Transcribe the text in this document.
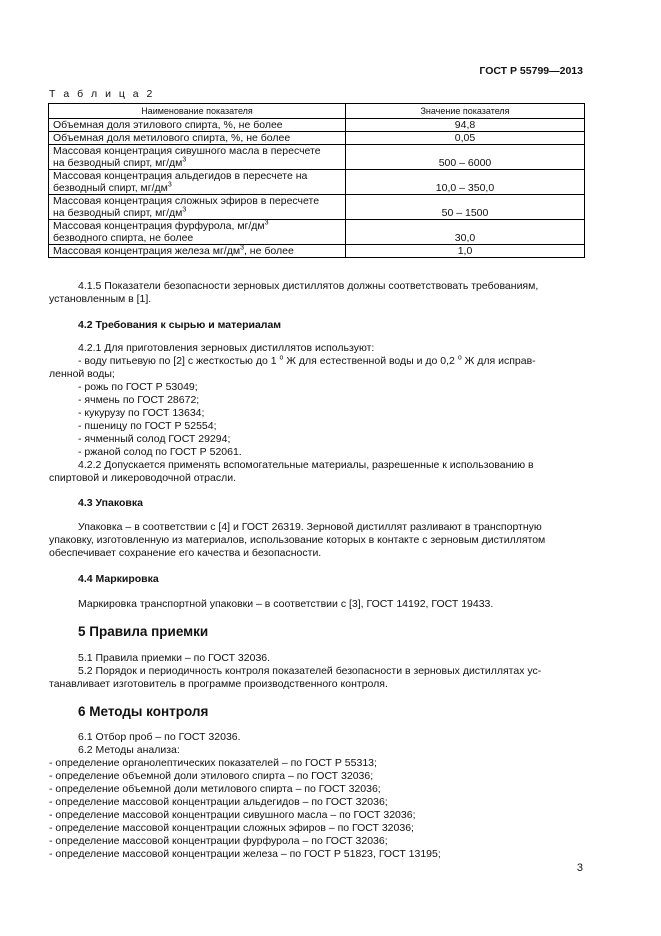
ГОСТ Р 55799—2013
Т а б л и ц а 2
Наименование показателя	Значение показателя
Объемная доля этилового спирта, %, не более	94,8
Объемная доля метилового спирта, %, не более	0,05
Массовая концентрация сивушного масла в пересчете
на безводный спирт, $мг/дм^3$	500 – 6000
Массовая концентрация альдегидов в пересчете на
безводный спирт, $мг/дм^3$	10,0 – 350,0
Массовая концентрация сложных эфиров в пересчете
на безводный спирт, $мг/дм^3$	50 – 1500
Массовая концентрация фурфурола, $мг/дм^3$
безводного спирта, не более	30,0
Массовая концентрация железа $мг/дм^3$, не более	1,0
4.1.5 Показатели безопасности зерновых дистиллятов должны соответствовать требованиям,
установленным в [1].
4.2 Требования к сырью и материалам
4.2.1 Для приготовления зерновых дистиллятов используют:
- воду питьевую по [2] с жесткостью до 1 $^о$ Ж для естественной воды и до 0,2 $^о$ Ж для исправ-
ленной воды;
- рожь по ГОСТ Р 53049;
- ячмень по ГОСТ 28672;
- кукурузу по ГОСТ 13634;
- пшеницу по ГОСТ Р 52554;
- ячменный солод ГОСТ 29294;
- ржаной солод по ГОСТ Р 52061.
4.2.2 Допускается применять вспомогательные материалы, разрешенные к использованию в
спиртовой и ликероводочной отрасли.
4.3 Упаковка
Упаковка – в соответствии с [4] и ГОСТ 26319. Зерновой дистиллят разливают в транспортную
упаковку, изготовленную из материалов, использование которых в контакте с зерновым дистиллятом
обеспечивает сохранение его качества и безопасности.
4.4 Маркировка
Маркировка транспортной упаковки – в соответствии с [3], ГОСТ 14192, ГОСТ 19433.
5 Правила приемки
5.1 Правила приемки – по ГОСТ 32036.
5.2 Порядок и периодичность контроля показателей безопасности в зерновых дистиллятах ус-
танавливает изготовитель в программе производственного контроля.
6 Методы контроля
6.1 Отбор проб – по ГОСТ 32036.
6.2 Методы анализа:
- определение органолептических показателей – по ГОСТ Р 55313;
- определение объемной доли этилового спирта – по ГОСТ 32036;
- определение объемной доли метилового спирта – по ГОСТ 32036;
- определение массовой концентрации альдегидов – по ГОСТ 32036;
- определение массовой концентрации сивушного масла – по ГОСТ 32036;
- определение массовой концентрации сложных эфиров – по ГОСТ 32036;
- определение массовой концентрации фурфурола – по ГОСТ 32036;
- определение массовой концентрации железа – по ГОСТ Р 51823, ГОСТ 13195;
3
